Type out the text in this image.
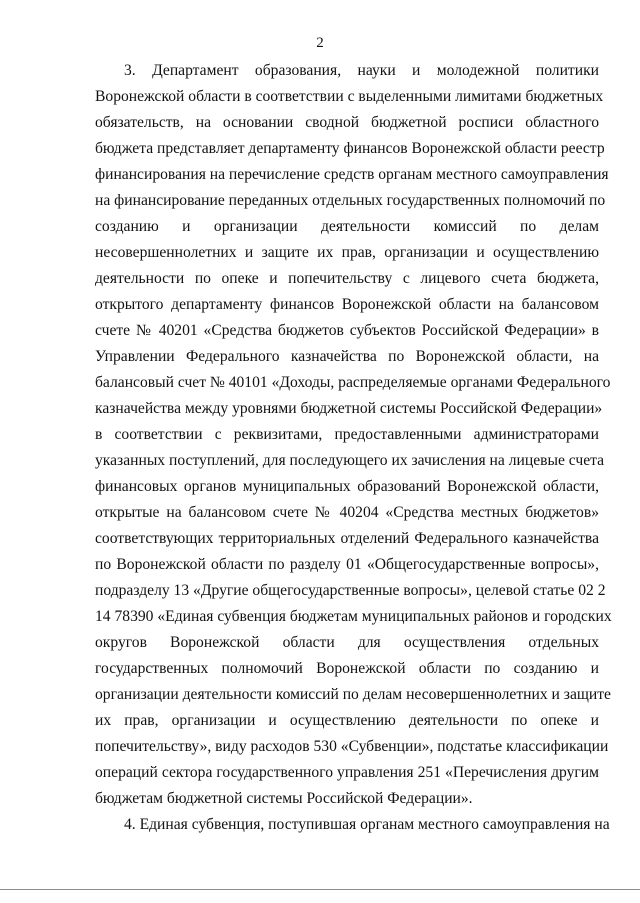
2
3. Департамент образования, науки и молодежной политики
Воронежской области в соответствии с выделенными лимитами бюджетных
обязательств, на основании сводной бюджетной росписи областного
бюджета представляет департаменту финансов Воронежской области реестр
финансирования на перечисление средств органам местного самоуправления
на финансирование переданных отдельных государственных полномочий по
созданию и организации деятельности комиссий по делам
несовершеннолетних и защите их прав, организации и осуществлению
деятельности по опеке и попечительству с лицевого счета бюджета,
открытого департаменту финансов Воронежской области на балансовом
счете № 40201 «Средства бюджетов субъектов Российской Федерации» в
Управлении Федерального казначейства по Воронежской области, на
балансовый счет № 40101 «Доходы, распределяемые органами Федерального
казначейства между уровнями бюджетной системы Российской Федерации»
в соответствии с реквизитами, предоставленными администраторами
указанных поступлений, для последующего их зачисления на лицевые счета
финансовых органов муниципальных образований Воронежской области,
открытые на балансовом счете № 40204 «Средства местных бюджетов»
соответствующих территориальных отделений Федерального казначейства
по Воронежской области по разделу 01 «Общегосударственные вопросы»,
подразделу 13 «Другие общегосударственные вопросы», целевой статье 02 2
14 78390 «Единая субвенция бюджетам муниципальных районов и городских
округов Воронежской области для осуществления отдельных
государственных полномочий Воронежской области по созданию и
организации деятельности комиссий по делам несовершеннолетних и защите
их прав, организации и осуществлению деятельности по опеке и
попечительству», виду расходов 530 «Субвенции», подстатье классификации
операций сектора государственного управления 251 «Перечисления другим
бюджетам бюджетной системы Российской Федерации».
4. Единая субвенция, поступившая органам местного самоуправления на
